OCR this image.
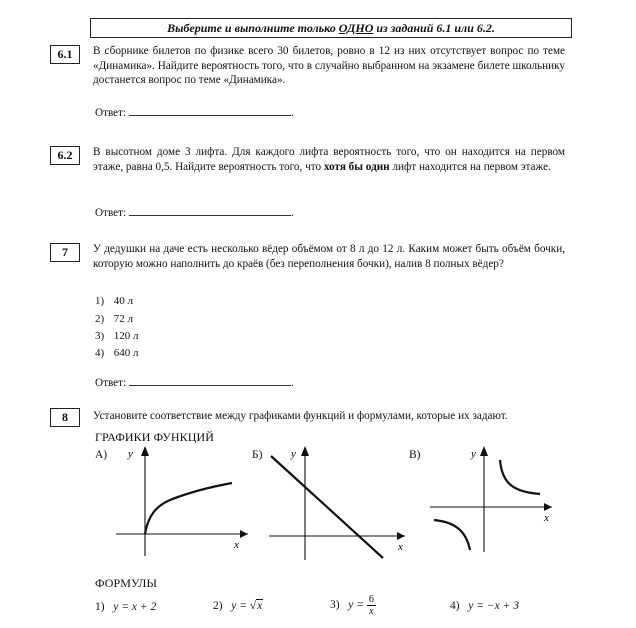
Выберите и выполните только ОДНО из заданий 6.1 или 6.2.
6.1	В сборнике билетов по физике всего 30 билетов, ровно в 12 из них отсутствует вопрос по теме «Динамика». Найдите вероятность того, что в случайно выбранном на экзамене билете школьнику достанется вопрос по теме «Динамика».
Ответ:	.
6.2	В высотном доме 3 лифта. Для каждого лифта вероятность того, что он находится на первом этаже, равна 0,5. Найдите вероятность того, что хотя бы один лифт находится на первом этаже.
Ответ:	.
7	У дедушки на даче есть несколько вёдер объёмом от 8 л до 12 л. Каким может быть объём бочки, которую можно наполнить до краёв (без переполнения бочки), налив 8 полных вёдер?
1) 40 л
2) 72 л
3) 120 л
4) 640 л
Ответ:	.
8	Установите соответствие между графиками функций и формулами, которые их задают.
ГРАФИКИ ФУНКЦИЙ
А)	Б)	В)
y
x
y
x
y
x
ФОРМУЛЫ
1) y = x + 2	2) y = √x	3) $y = \frac{6}{x}$	4) y = −x + 3
